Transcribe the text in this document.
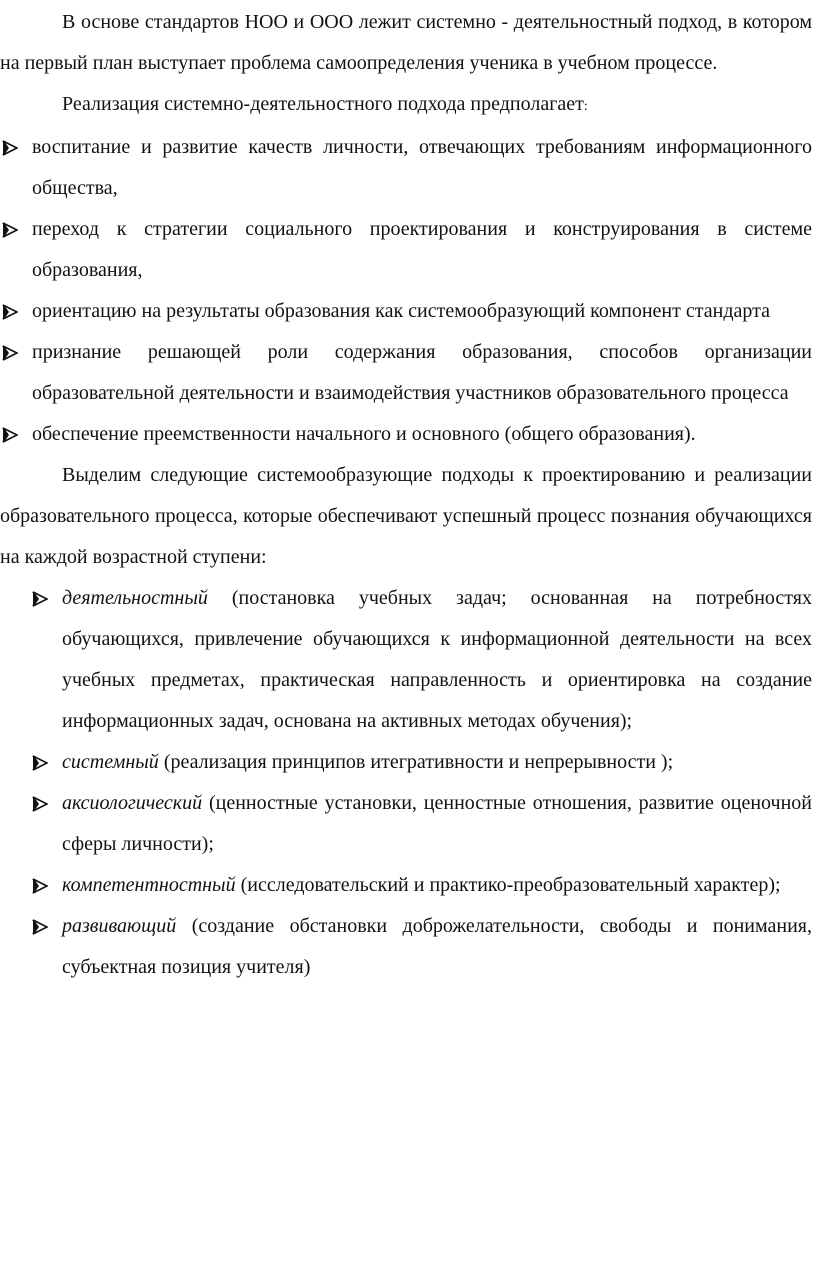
В основе стандартов НОО и ООО лежит системно - деятельностный подход, в котором на первый план выступает проблема самоопределения ученика в учебном процессе.

Реализация системно-деятельностного подхода предполагает:

воспитание и развитие качеств личности, отвечающих требованиям информационного общества,
переход к стратегии социального проектирования и конструирования в системе образования,
ориентацию на результаты образования как системообразующий компонент стандарта
признание решающей роли содержания образования, способов организации образовательной деятельности и взаимодействия участников образовательного процесса
обеспечение преемственности начального и основного (общего образования).

Выделим следующие системообразующие подходы к проектированию и реализации образовательного процесса, которые обеспечивают успешный процесс познания обучающихся на каждой возрастной ступени:

деятельностный (постановка учебных задач; основанная на потребностях обучающихся, привлечение обучающихся к информационной деятельности на всех учебных предметах, практическая направленность и ориентировка на создание информационных задач, основана на активных методах обучения);
системный (реализация принципов итегративности и непрерывности );
аксиологический (ценностные установки, ценностные отношения, развитие оценочной сферы личности);
компетентностный (исследовательский и практико-преобразовательный характер);
развивающий (создание обстановки доброжелательности, свободы и понимания, субъектная позиция учителя)
